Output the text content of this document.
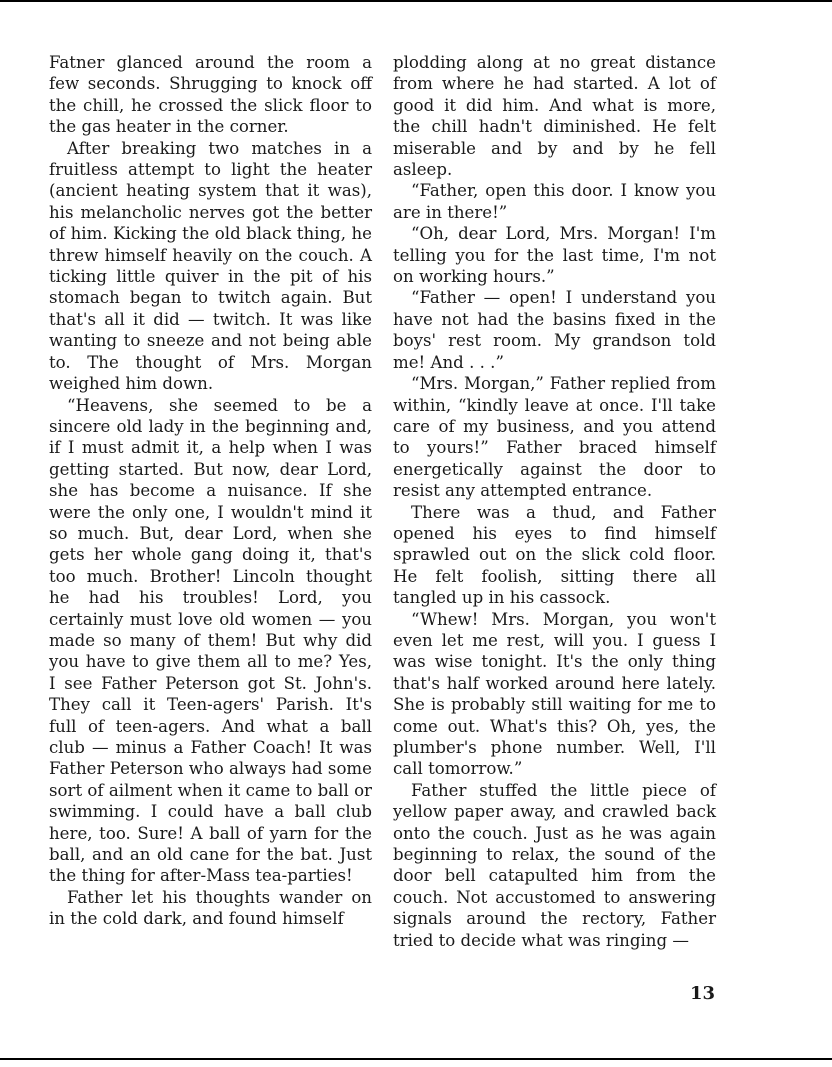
Fatner glanced around the room a few seconds. Shrugging to knock off the chill, he crossed the slick floor to the gas heater in the corner.

After breaking two matches in a fruitless attempt to light the heater (ancient heating system that it was), his melancholic nerves got the better of him. Kicking the old black thing, he threw himself heavily on the couch. A ticking little quiver in the pit of his stomach began to twitch again. But that's all it did — twitch. It was like wanting to sneeze and not being able to. The thought of Mrs. Morgan weighed him down.

“Heavens, she seemed to be a sincere old lady in the beginning and, if I must admit it, a help when I was getting started. But now, dear Lord, she has become a nuisance. If she were the only one, I wouldn't mind it so much. But, dear Lord, when she gets her whole gang doing it, that's too much. Brother! Lincoln thought he had his troubles! Lord, you certainly must love old women — you made so many of them! But why did you have to give them all to me? Yes, I see Father Peterson got St. John's. They call it Teen-agers' Parish. It's full of teen-agers. And what a ball club — minus a Father Coach! It was Father Peterson who always had some sort of ailment when it came to ball or swimming. I could have a ball club here, too. Sure! A ball of yarn for the ball, and an old cane for the bat. Just the thing for after-Mass tea-parties!

Father let his thoughts wander on in the cold dark, and found himself

plodding along at no great distance from where he had started. A lot of good it did him. And what is more, the chill hadn't diminished. He felt miserable and by and by he fell asleep.

“Father, open this door. I know you are in there!”

“Oh, dear Lord, Mrs. Morgan! I'm telling you for the last time, I'm not on working hours.”

“Father — open! I understand you have not had the basins fixed in the boys' rest room. My grandson told me! And . . .”

“Mrs. Morgan,” Father replied from within, “kindly leave at once. I'll take care of my business, and you attend to yours!” Father braced himself energetically against the door to resist any attempted entrance.

There was a thud, and Father opened his eyes to find himself sprawled out on the slick cold floor. He felt foolish, sitting there all tangled up in his cassock.

“Whew! Mrs. Morgan, you won't even let me rest, will you. I guess I was wise tonight. It's the only thing that's half worked around here lately. She is probably still waiting for me to come out. What's this? Oh, yes, the plumber's phone number. Well, I'll call tomorrow.”

Father stuffed the little piece of yellow paper away, and crawled back onto the couch. Just as he was again beginning to relax, the sound of the door bell catapulted him from the couch. Not accustomed to answering signals around the rectory, Father tried to decide what was ringing —

13
